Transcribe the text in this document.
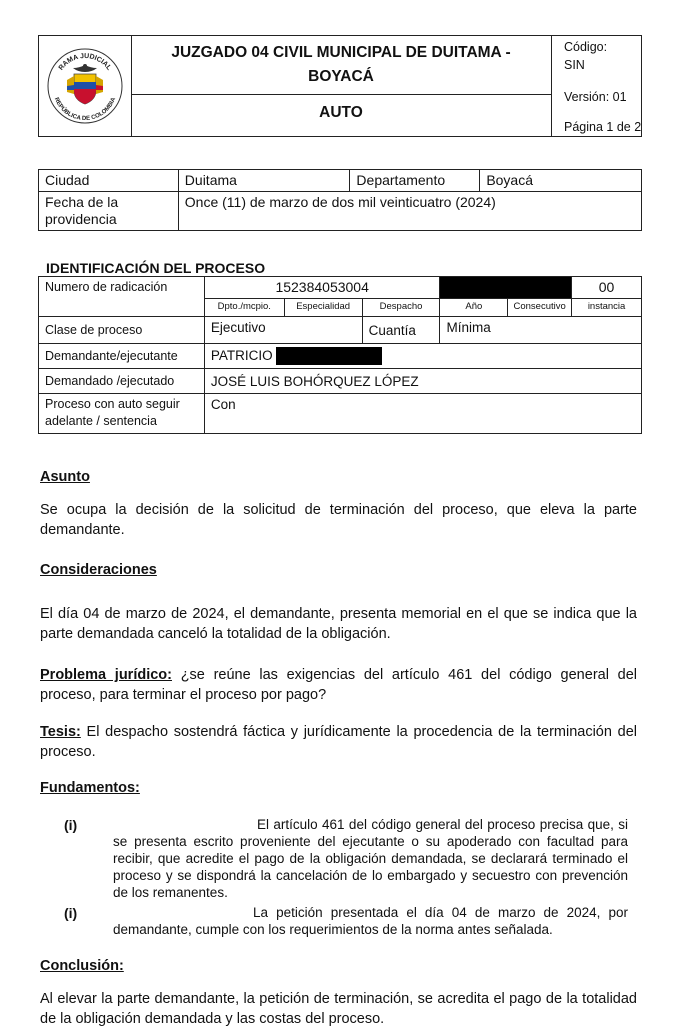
RAMA JUDICIAL
REPÚBLICA DE COLOMBIA
JUZGADO 04 CIVIL MUNICIPAL DE DUITAMA -
BOYACÁ
AUTO
Código:
SIN
Versión: 01
Página 1 de 2
Ciudad	Duitama	Departamento	Boyacá
Fecha de la providencia	Once (11) de marzo de dos mil veinticuatro (2024)		
IDENTIFICACIÓN DEL PROCESO
Numero de radicación	152384053004					00
	Dpto./mcpio.	Especialidad	Despacho	Año	Consecutivo	instancia
Clase de proceso	Ejecutivo		Cuantía	Mínima		
Demandante/ejecutante	PATRICIO					
Demandado /ejecutado	JOSÉ LUIS BOHÓRQUEZ LÓPEZ					
Proceso con auto seguir adelante / sentencia	Con					
Asunto
Se ocupa la decisión de la solicitud de terminación del proceso, que eleva la parte demandante.
Consideraciones
El día 04 de marzo de 2024, el demandante, presenta memorial en el que se indica que la parte demandada canceló la totalidad de la obligación.
Problema jurídico: ¿se reúne las exigencias del artículo 461 del código general del proceso, para terminar el proceso por pago?
Tesis: El despacho sostendrá fáctica y jurídicamente la procedencia de la terminación del proceso.
Fundamentos:
(i)	El artículo 461 del código general del proceso precisa que, si se presenta escrito proveniente del ejecutante o su apoderado con facultad para recibir, que acredite el pago de la obligación demandada, se declarará terminado el proceso y se dispondrá la cancelación de lo embargado y secuestro con prevención de los remanentes.
(i)	La petición presentada el día 04 de marzo de 2024, por demandante, cumple con los requerimientos de la norma antes señalada.
Conclusión:
Al elevar la parte demandante, la petición de terminación, se acredita el pago de la totalidad de la obligación demandada y las costas del proceso.
